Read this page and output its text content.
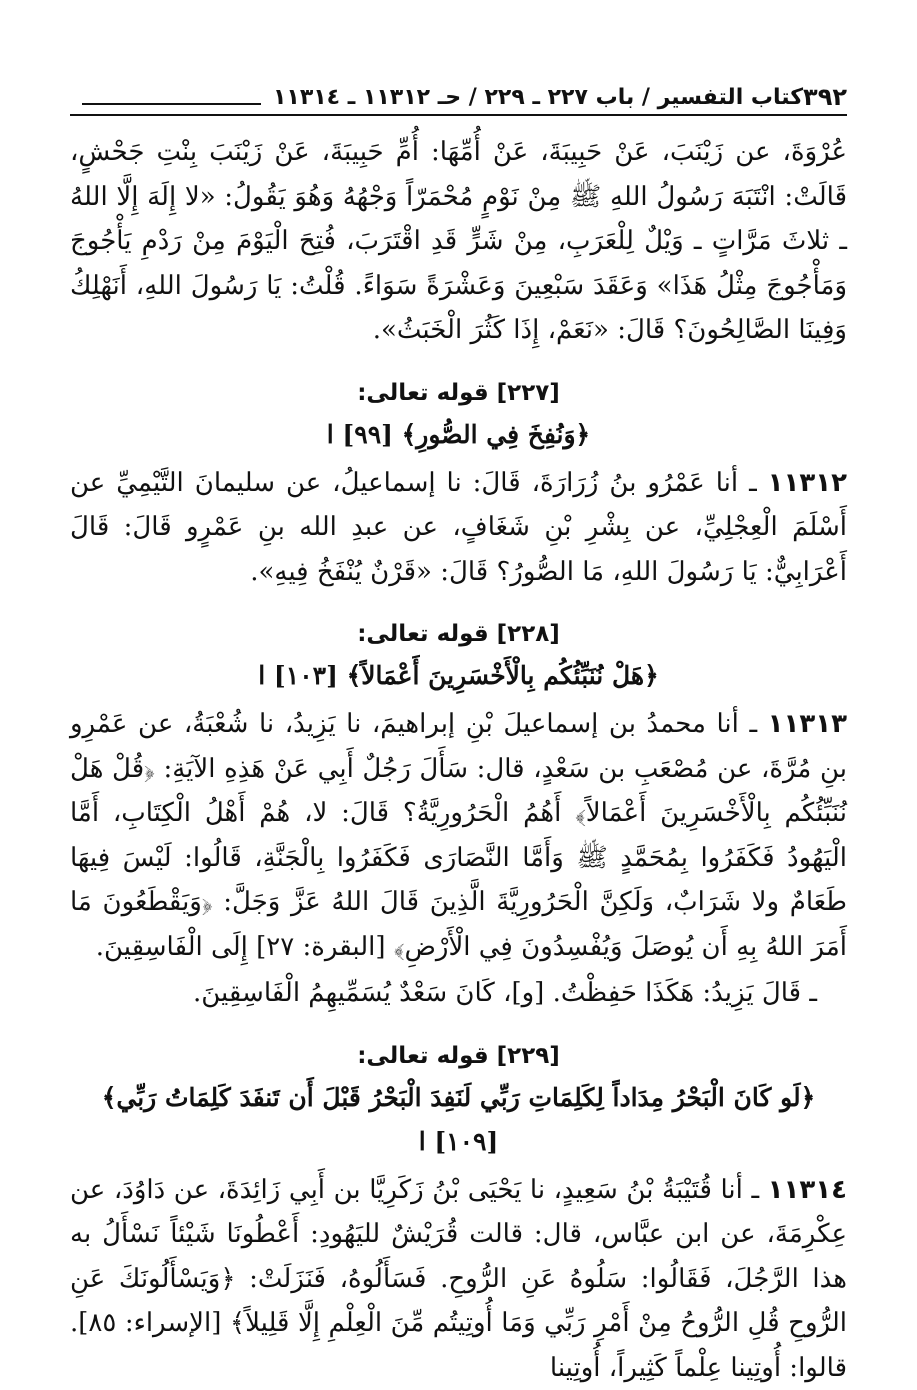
٣٩٢
كتاب التفسير / باب ٢٢٧ ـ ٢٢٩ / حـ ١١٣١٢ ـ ١١٣١٤

عُرْوَةَ، عن زَيْنَبَ، عَنْ حَبِيبَةَ، عَنْ أُمِّهَا: أُمِّ حَبِيبَةَ، عَنْ زَيْنَبَ بِنْتِ جَحْشٍ، قَالَتْ: انْتَبَهَ رَسُولُ اللهِ ﷺ مِنْ نَوْمٍ مُحْمَرّاً وَجْهُهُ وَهُوَ يَقُولُ: «لا إِلَهَ إِلَّا اللهُ ـ ثلاثَ مَرَّاتٍ ـ وَيْلٌ لِلْعَرَبِ، مِنْ شَرٍّ قَدِ اقْتَرَبَ، فُتِحَ الْيَوْمَ مِنْ رَدْمِ يَأْجُوجَ وَمَأْجُوجَ مِثْلُ هَذَا» وَعَقَدَ سَبْعِينَ وَعَشْرَةً سَوَاءً. قُلْتُ: يَا رَسُولَ اللهِ، أَنَهْلِكُ وَفِينَا الصَّالِحُونَ؟ قَالَ: «نَعَمْ، إِذَا كَثُرَ الْخَبَثُ».

[٢٢٧] قوله تعالى:
﴿وَنُفِخَ فِي الصُّورِ﴾ [٩٩] ا

١١٣١٢ ـ أنا عَمْرُو بنُ زُرَارَةَ، قَالَ: نا إسماعيلُ، عن سليمانَ التَّيْمِيِّ عن أَسْلَمَ الْعِجْلِيِّ، عن بِشْرِ بْنِ شَغَافٍ، عن عبدِ الله بنِ عَمْرٍو قَالَ: قَالَ أَعْرَابِيٌّ: يَا رَسُولَ اللهِ، مَا الصُّورُ؟ قَالَ: «قَرْنٌ يُنْفَخُ فِيهِ».

[٢٢٨] قوله تعالى:
﴿هَلْ نُنَبِّئُكُم بِالْأَخْسَرِينَ أَعْمَالاً﴾ [١٠٣] ا

١١٣١٣ ـ أنا محمدُ بن إسماعيلَ بْنِ إبراهيمَ، نا يَزِيدُ، نا شُعْبَةُ، عن عَمْرِو بنِ مُرَّةَ، عن مُصْعَبِ بن سَعْدٍ، قال: سَأَلَ رَجُلٌ أَبِي عَنْ هَذِهِ الآيَةِ: ﴿قُلْ هَلْ نُنَبِّئُكُم بِالْأَخْسَرِينَ أَعْمَالاً﴾ أَهُمُ الْحَرُورِيَّةُ؟ قَالَ: لا، هُمْ أَهْلُ الْكِتَابِ، أَمَّا الْيَهُودُ فَكَفَرُوا بِمُحَمَّدٍ ﷺ وَأَمَّا النَّصَارَى فَكَفَرُوا بِالْجَنَّةِ، قَالُوا: لَيْسَ فِيهَا طَعَامٌ ولا شَرَابٌ، وَلَكِنَّ الْحَرُورِيَّةَ الَّذِينَ قَالَ اللهُ عَزَّ وَجَلَّ: ﴿وَيَقْطَعُونَ مَا أَمَرَ اللهُ بِهِ أَن يُوصَلَ وَيُفْسِدُونَ فِي الْأَرْضِ﴾ [البقرة: ٢٧] إِلَى الْفَاسِقِينَ.

ـ قَالَ يَزِيدُ: هَكَذَا حَفِظْتُ. [و]، كَانَ سَعْدٌ يُسَمِّيهِمُ الْفَاسِقِينَ.

[٢٢٩] قوله تعالى:
﴿لَو كَانَ الْبَحْرُ مِدَاداً لِكَلِمَاتِ رَبِّي لَنَفِدَ الْبَحْرُ قَبْلَ أَن تَنفَدَ كَلِمَاتُ رَبِّي﴾ [١٠٩] ا

١١٣١٤ ـ أنا قُتَيْبَةُ بْنُ سَعِيدٍ، نا يَحْيَى بْنُ زَكَرِيَّا بن أَبِي زَائِدَةَ، عن دَاوُدَ، عن عِكْرِمَةَ، عن ابن عبَّاس، قال: قالت قُرَيْشٌ لليَهُودِ: أَعْطُونَا شَيْئاً نَسْأَلُ به هذا الرَّجُلَ، فَقَالُوا: سَلُوهُ عَنِ الرُّوحِ. فَسَأَلُوهُ، فَنَزَلَتْ: ﴿وَيَسْأَلُونَكَ عَنِ الرُّوحِ قُلِ الرُّوحُ مِنْ أَمْرِ رَبِّي وَمَا أُوتِيتُم مِّنَ الْعِلْمِ إِلَّا قَلِيلاً﴾ [الإسراء: ٨٥]. قالوا: أُوتِينا عِلْماً كَثِيراً، أُوتِينا
